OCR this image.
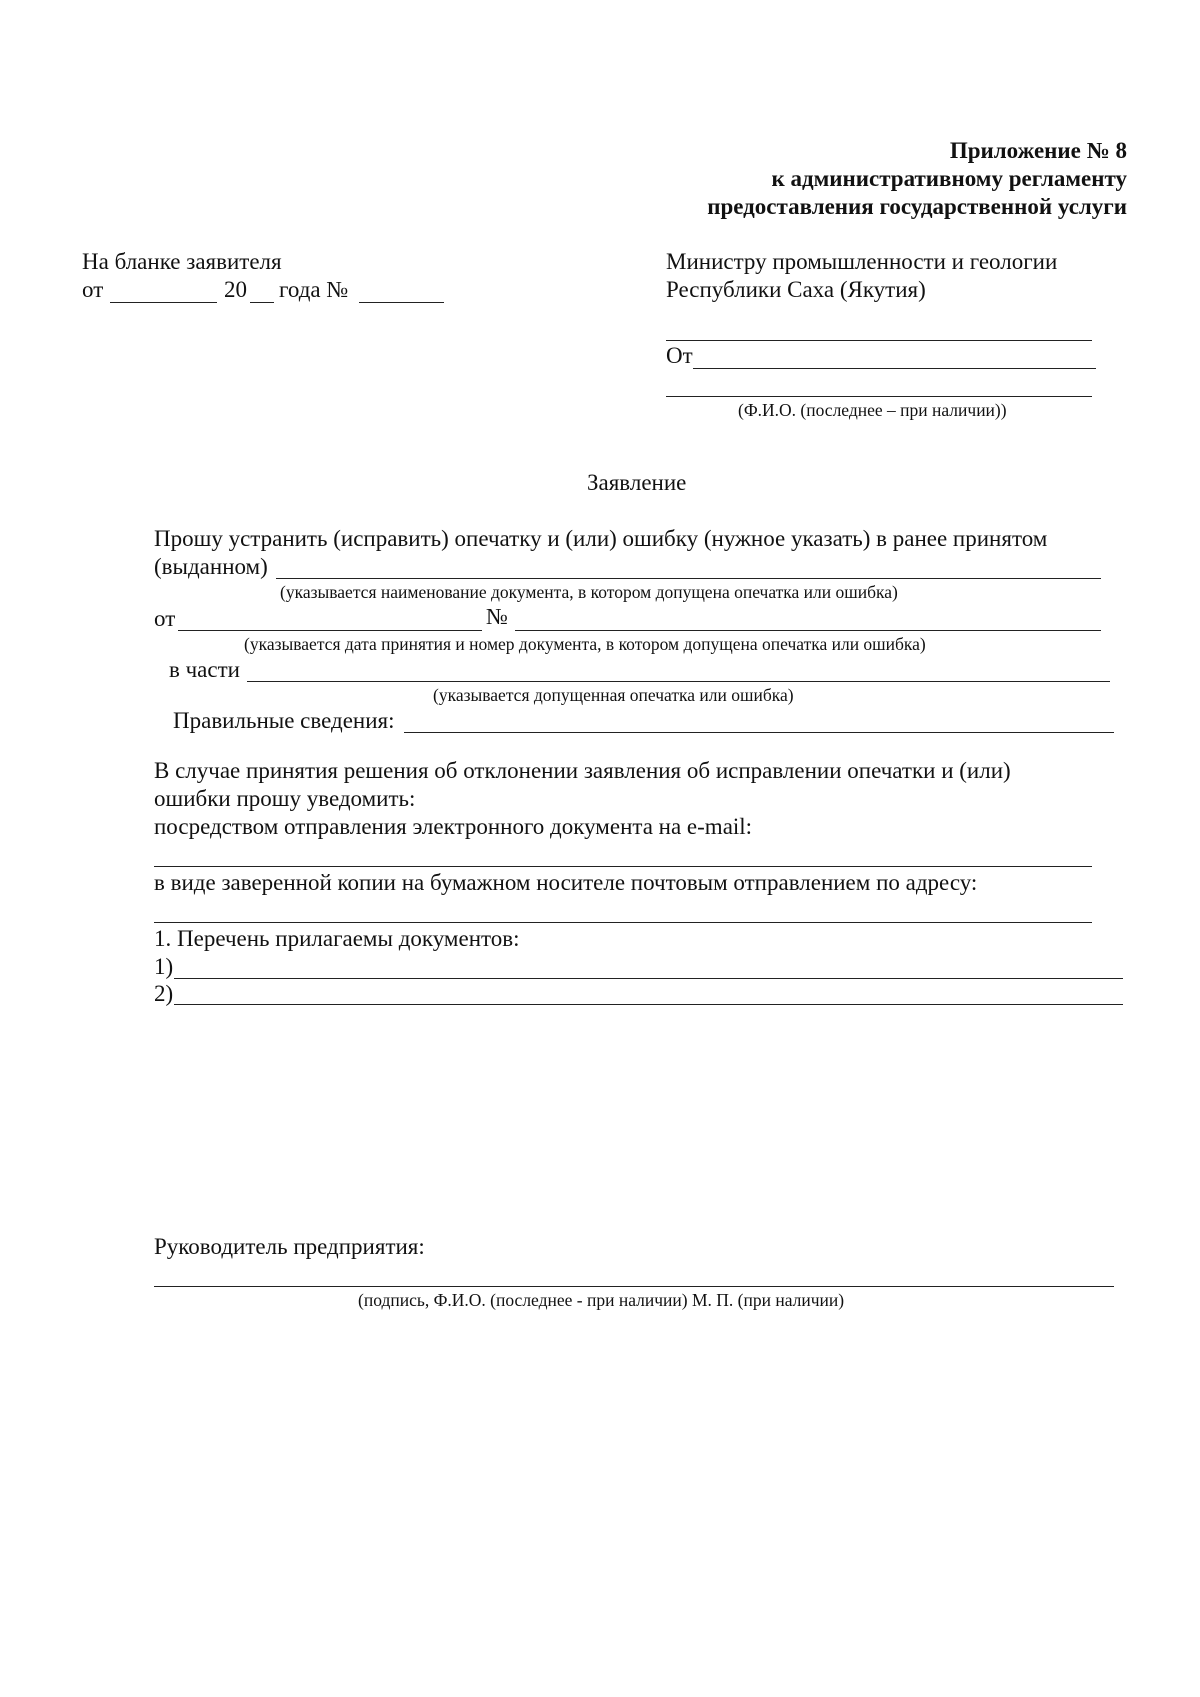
Приложение № 8
к административному регламенту
предоставления государственной услуги
На бланке заявителя
от	20 года №
Министру промышленности и геологии
Республики Саха (Якутия)
От
(Ф.И.О. (последнее – при наличии))
Заявление
Прошу устранить (исправить) опечатку и (или) ошибку (нужное указать) в ранее принятом
(выданном)
(указывается наименование документа, в котором допущена опечатка или ошибка)
от	№
(указывается дата принятия и номер документа, в котором допущена опечатка или ошибка)
в части
(указывается допущенная опечатка или ошибка)
Правильные сведения:
В случае принятия решения об отклонении заявления об исправлении опечатки и (или)
ошибки прошу уведомить:
посредством отправления электронного документа на e-mail:
в виде заверенной копии на бумажном носителе почтовым отправлением по адресу:
1. Перечень прилагаемы документов:
1)
2)
Руководитель предприятия:
(подпись, Ф.И.О. (последнее - при наличии) М. П. (при наличии)
